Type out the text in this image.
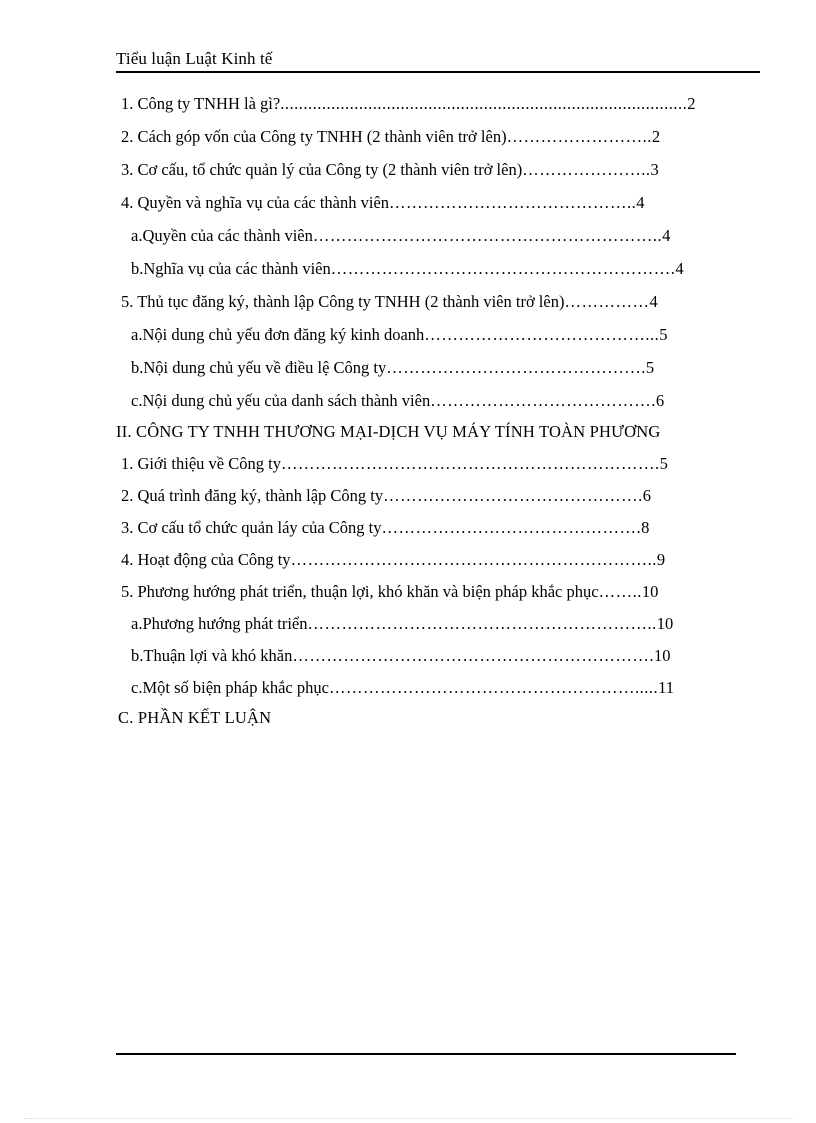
Tiểu luận Luật Kinh tế
1. Công ty TNHH là gì?........................................................................................2
2. Cách góp vốn của Công ty TNHH (2 thành viên trở lên)……………………..2
3. Cơ cấu, tổ chức quản lý của Công ty (2 thành viên trở lên)…………………..3
4. Quyền và nghĩa vụ của các thành viên……………………………………..4
a.Quyền của các thành viên……………………………………………………..4
b.Nghĩa vụ của các thành viên…………………………………………………….4
5. Thủ tục đăng ký, thành lập Công ty TNHH (2 thành viên trở lên)……………4
a.Nội dung chủ yếu đơn đăng ký kinh doanh…………………………………...5
b.Nội dung chủ yếu về điều lệ Công ty……………………………………….5
c.Nội dung chủ yếu của danh sách thành viên………………………………….6
II. CÔNG TY TNHH THƯƠNG MẠI-DỊCH VỤ MÁY TÍNH TOÀN PHƯƠNG
1. Giới thiệu về Công ty………………………………………………………….5
2. Quá trình đăng ký, thành lập Công ty……………………………………….6
3. Cơ cấu tổ chức quản láy của Công ty……………………………………….8
4. Hoạt động của Công ty………………………………………………………..9
5. Phương hướng phát triển, thuận lợi, khó khăn và biện pháp khắc phục……..10
a.Phương hướng phát triển……………………………………………………..10
b.Thuận lợi và khó khăn……………………………………………………….10
c.Một số biện pháp khắc phục……………………………………………….....11
C. PHẦN KẾT LUẬN
